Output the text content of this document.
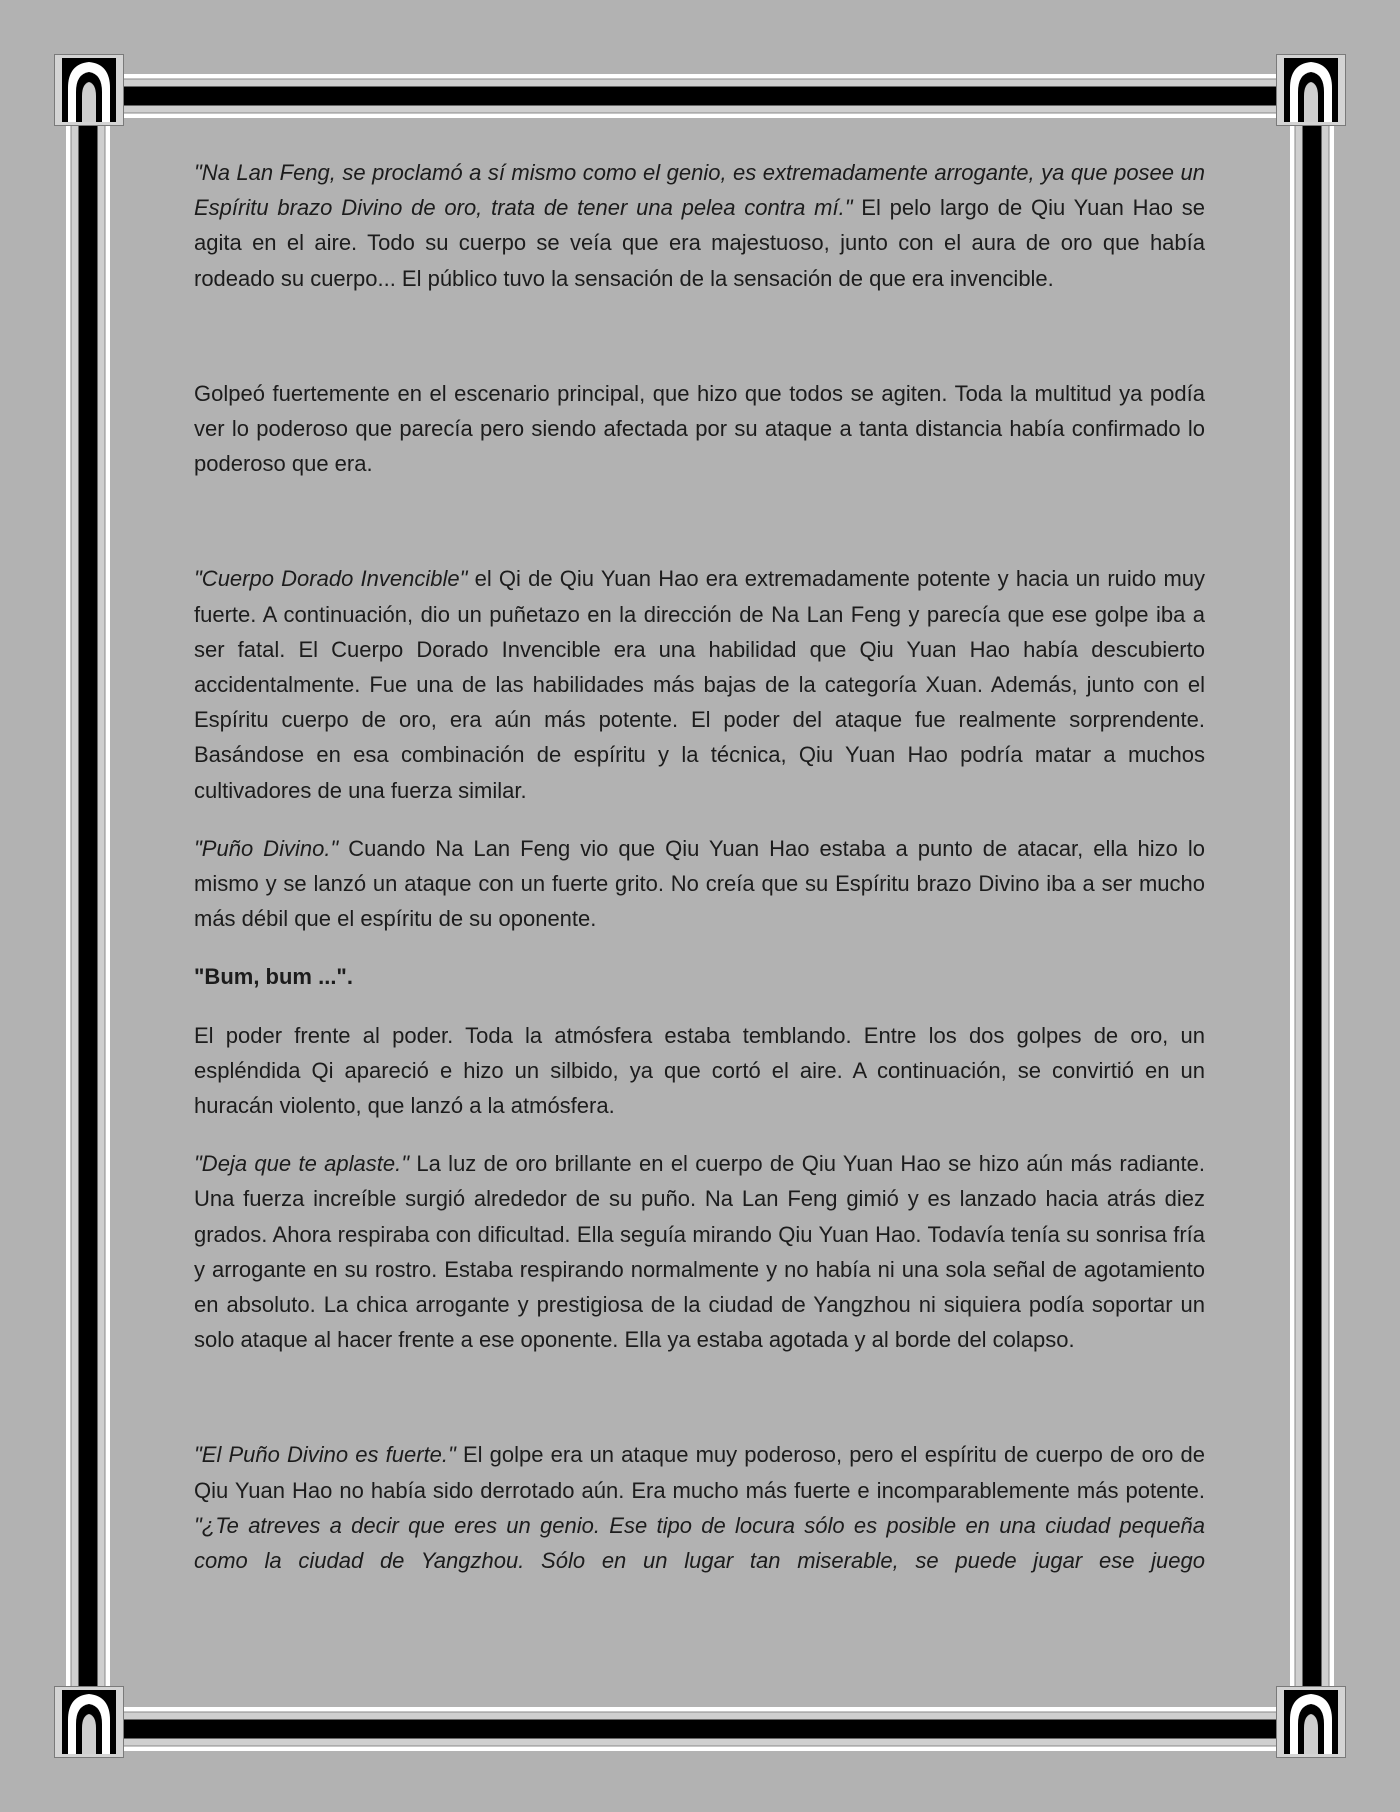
"Na Lan Feng, se proclamó a sí mismo como el genio, es extremadamente arrogante, ya que posee un Espíritu brazo Divino de oro, trata de tener una pelea contra mí." El pelo largo de Qiu Yuan Hao se agita en el aire. Todo su cuerpo se veía que era majestuoso, junto con el aura de oro que había rodeado su cuerpo... El público tuvo la sensación de la sensación de que era invencible.

Golpeó fuertemente en el escenario principal, que hizo que todos se agiten. Toda la multitud ya podía ver lo poderoso que parecía pero siendo afectada por su ataque a tanta distancia había confirmado lo poderoso que era.

"Cuerpo Dorado Invencible" el Qi de Qiu Yuan Hao era extremadamente potente y hacia un ruido muy fuerte. A continuación, dio un puñetazo en la dirección de Na Lan Feng y parecía que ese golpe iba a ser fatal. El Cuerpo Dorado Invencible era una habilidad que Qiu Yuan Hao había descubierto accidentalmente. Fue una de las habilidades más bajas de la categoría Xuan. Además, junto con el Espíritu cuerpo de oro, era aún más potente. El poder del ataque fue realmente sorprendente. Basándose en esa combinación de espíritu y la técnica, Qiu Yuan Hao podría matar a muchos cultivadores de una fuerza similar.

"Puño Divino." Cuando Na Lan Feng vio que Qiu Yuan Hao estaba a punto de atacar, ella hizo lo mismo y se lanzó un ataque con un fuerte grito. No creía que su Espíritu brazo Divino iba a ser mucho más débil que el espíritu de su oponente.

"Bum, bum ...".

El poder frente al poder. Toda la atmósfera estaba temblando. Entre los dos golpes de oro, un espléndida Qi apareció e hizo un silbido, ya que cortó el aire. A continuación, se convirtió en un huracán violento, que lanzó a la atmósfera.

"Deja que te aplaste." La luz de oro brillante en el cuerpo de Qiu Yuan Hao se hizo aún más radiante. Una fuerza increíble surgió alrededor de su puño. Na Lan Feng gimió y es lanzado hacia atrás diez grados. Ahora respiraba con dificultad. Ella seguía mirando Qiu Yuan Hao. Todavía tenía su sonrisa fría y arrogante en su rostro. Estaba respirando normalmente y no había ni una sola señal de agotamiento en absoluto. La chica arrogante y prestigiosa de la ciudad de Yangzhou ni siquiera podía soportar un solo ataque al hacer frente a ese oponente. Ella ya estaba agotada y al borde del colapso.

"El Puño Divino es fuerte." El golpe era un ataque muy poderoso, pero el espíritu de cuerpo de oro de Qiu Yuan Hao no había sido derrotado aún. Era mucho más fuerte e incomparablemente más potente. "¿Te atreves a decir que eres un genio. Ese tipo de locura sólo es posible en una ciudad pequeña como la ciudad de Yangzhou. Sólo en un lugar tan miserable, se puede jugar ese juego
